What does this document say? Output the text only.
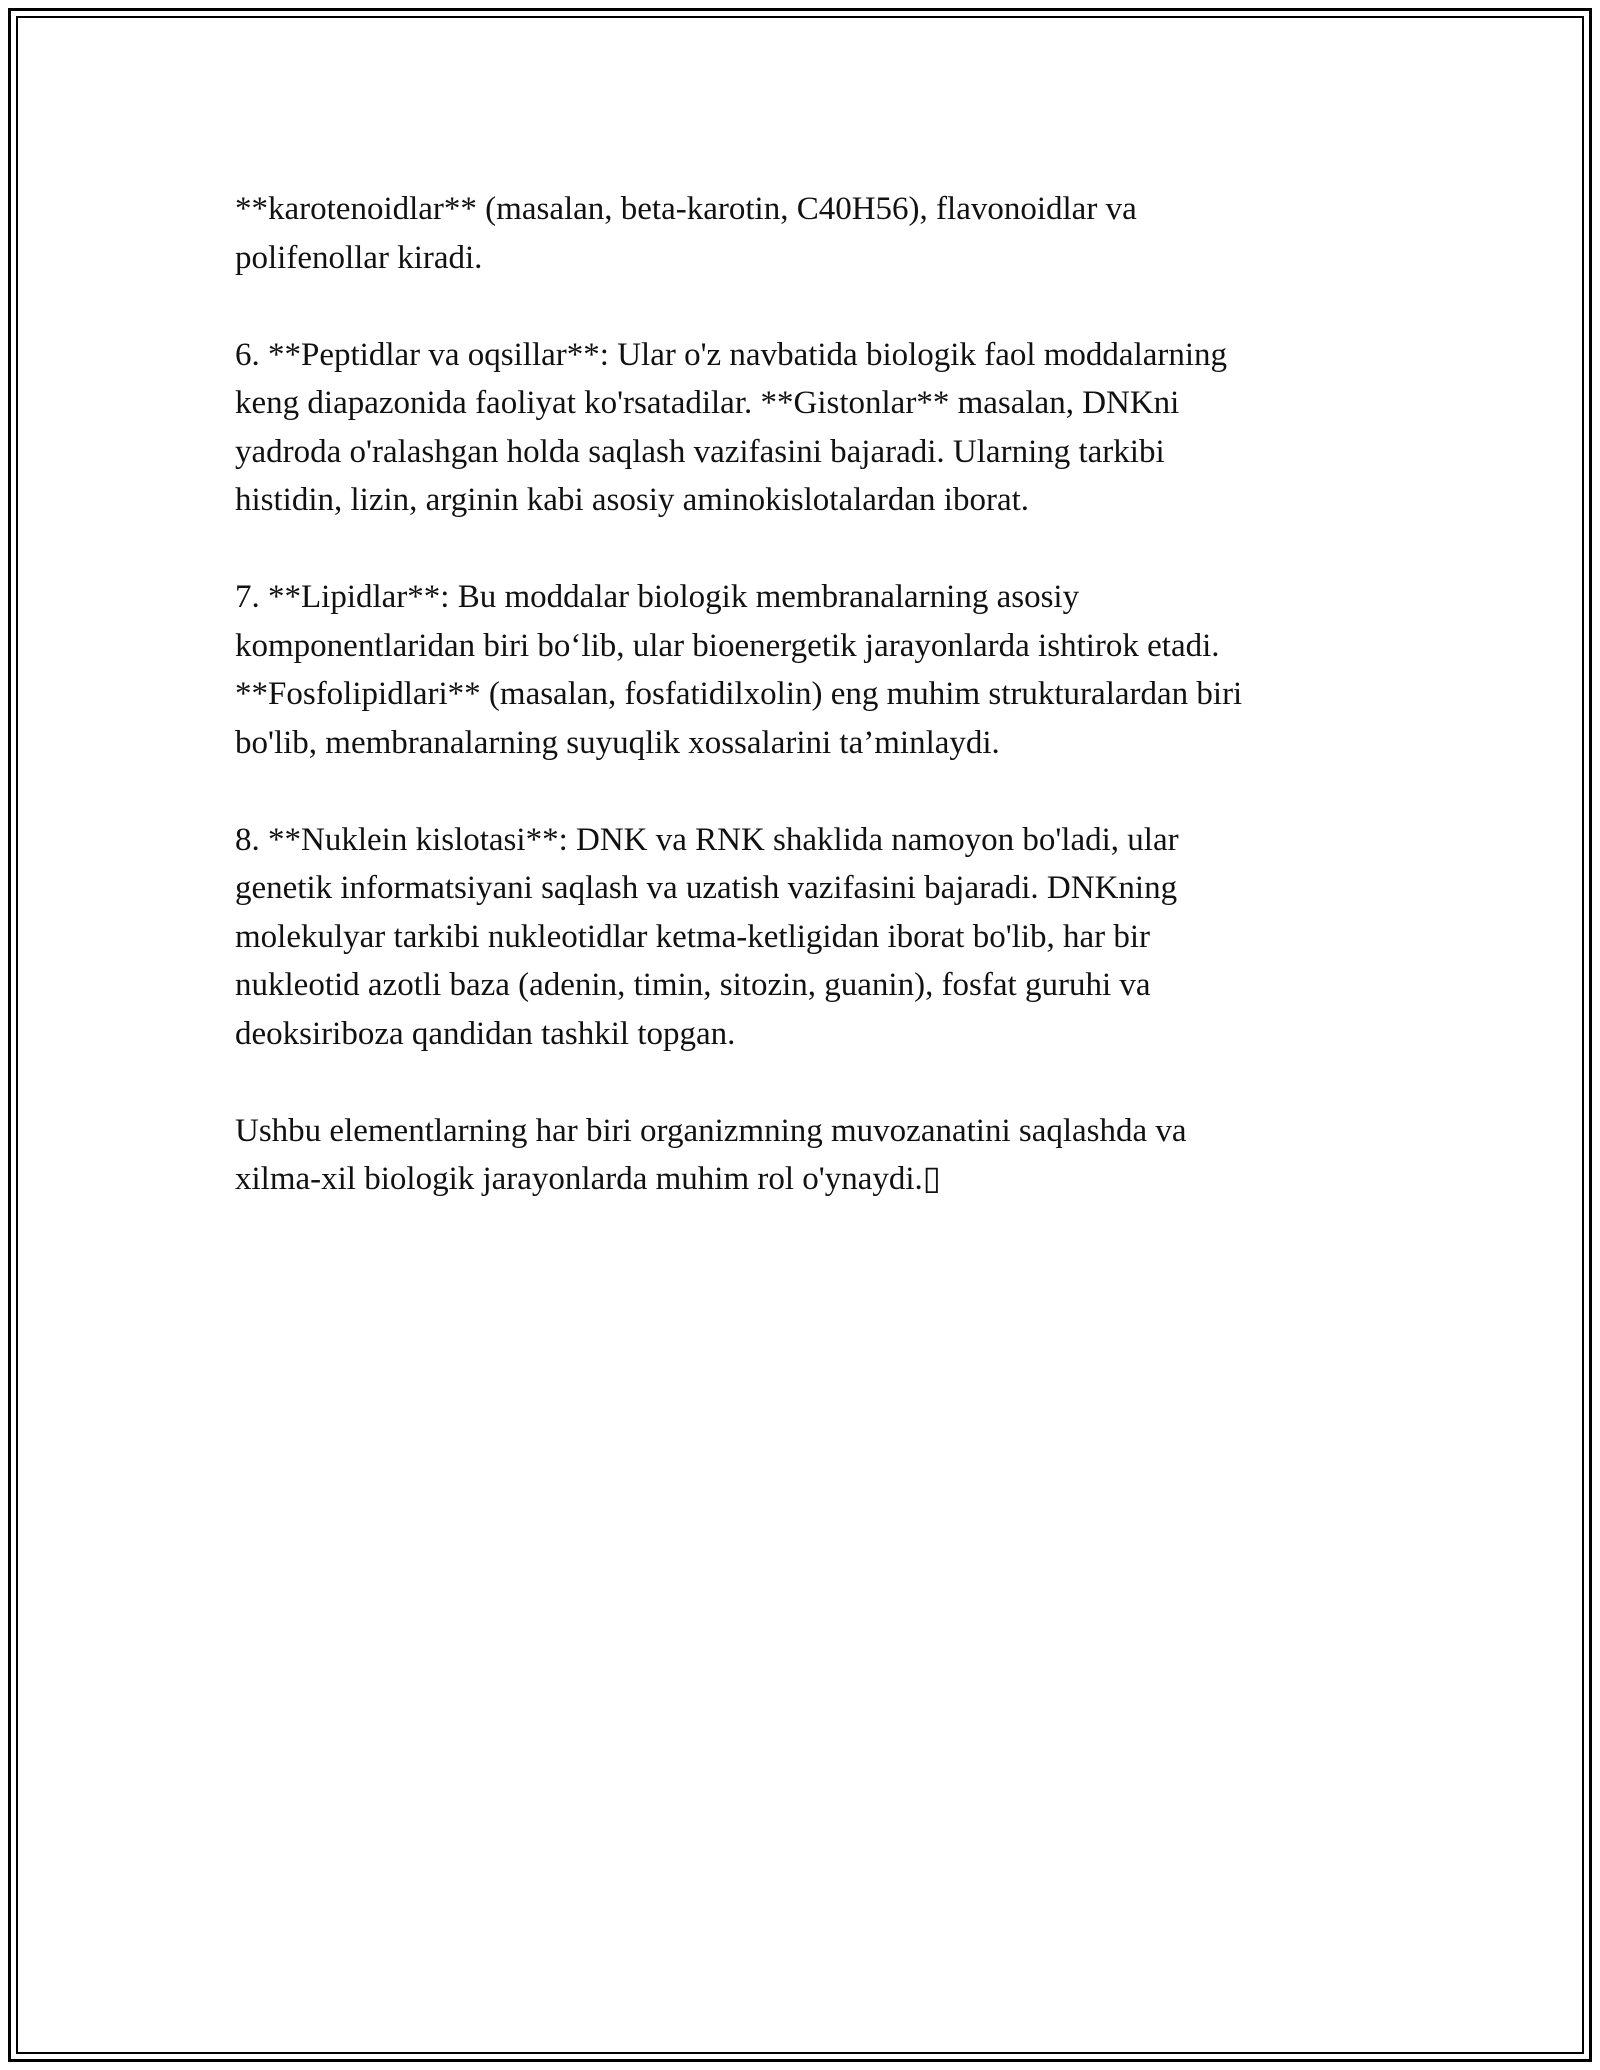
**karotenoidlar** (masalan, beta-karotin, C40H56), flavonoidlar va
polifenollar kiradi.

6. **Peptidlar va oqsillar**: Ular o'z navbatida biologik faol moddalarning
keng diapazonida faoliyat ko'rsatadilar. **Gistonlar** masalan, DNKni
yadroda o'ralashgan holda saqlash vazifasini bajaradi. Ularning tarkibi
histidin, lizin, arginin kabi asosiy aminokislotalardan iborat.

7. **Lipidlar**: Bu moddalar biologik membranalarning asosiy
komponentlaridan biri bo‘lib, ular bioenergetik jarayonlarda ishtirok etadi.
**Fosfolipidlari** (masalan, fosfatidilxolin) eng muhim strukturalardan biri
bo'lib, membranalarning suyuqlik xossalarini ta’minlaydi.

8. **Nuklein kislotasi**: DNK va RNK shaklida namoyon bo'ladi, ular
genetik informatsiyani saqlash va uzatish vazifasini bajaradi. DNKning
molekulyar tarkibi nukleotidlar ketma-ketligidan iborat bo'lib, har bir
nukleotid azotli baza (adenin, timin, sitozin, guanin), fosfat guruhi va
deoksiriboza qandidan tashkil topgan.

Ushbu elementlarning har biri organizmning muvozanatini saqlashda va
xilma-xil biologik jarayonlarda muhim rol o'ynaydi.▯
